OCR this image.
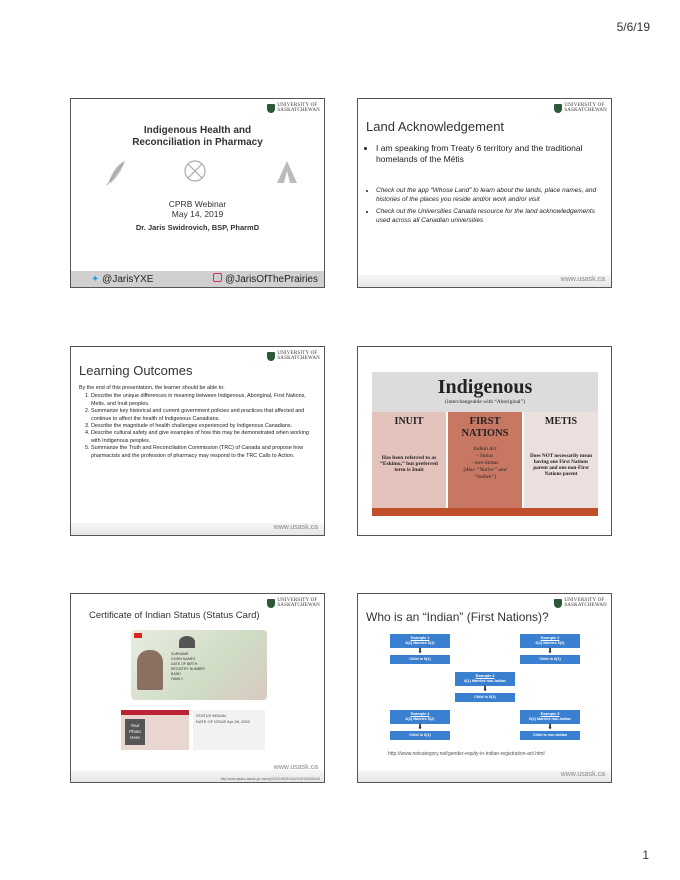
5/6/19
1
UNIVERSITY OF
SASKATCHEWAN
Indigenous Health and
Reconciliation in Pharmacy
CPRB Webinar
May 14, 2019
Dr. Jaris Swidrovich, BSP, PharmD
✦ @JarisYXE	@JarisOfThePrairies
UNIVERSITY OF
SASKATCHEWAN
Land Acknowledgement
• I am speaking from Treaty 6 territory and the traditional homelands of the Métis
• Check out the app “Whose Land” to learn about the lands, place names, and histories of the places you reside and/or work and/or visit
• Check out the Universities Canada resource for the land acknowledgements used across all Canadian universities
www.usask.ca
UNIVERSITY OF
SASKATCHEWAN
Learning Outcomes
By the end of this presentation, the learner should be able to:
1. Describe the unique differences in meaning between Indigenous, Aboriginal, First Nations, Metis, and Inuit peoples.
2. Summarize key historical and current government policies and practices that affected and continue to affect the health of Indigenous Canadians.
3. Describe the magnitude of health challenges experienced by Indigenous Canadians.
4. Describe cultural safety and give examples of how this may be demonstrated when working with Indigenous peoples.
5. Summarize the Truth and Reconciliation Commission (TRC) of Canada and propose how pharmacists and the profession of pharmacy may respond to the TRC Calls to Action.
www.usask.ca
Indigenous
(interchangeable with “Aboriginal”)
INUIT
Has been referred to as “Eskimo,” but preferred term is Inuit
FIRST NATIONS
Indian Act
- Status
- non-Status
(Also “Native” and “Indian”)
METIS
Does NOT necessarily mean having one First Nations parent and one non-First Nations parent
UNIVERSITY OF
SASKATCHEWAN
Certificate of Indian Status (Status Card)
SURNAME
GIVEN NAMES
DATE OF BIRTH
REGISTRY NUMBER
BAND
FAMILY
Your Photo Here
STATUS INDIAN
DATE OF ISSUE Apr 28, 2002
www.usask.ca
http://www.aadnc-aandc.gc.ca/eng/1100100032424/1100100032428
UNIVERSITY OF
SASKATCHEWAN
Who is an “Indian” (First Nations)?
Example 1
6(1) Marries 6(1)
⬇
Child is 6(1)
Example 2
6(1) Marries 6(2)
⬇
Child is 6(1)
Example 3
6(1) Marries non-Indian
⬇
Child is 6(2)
Example 4
6(2) Marries 6(2)
⬇
Child is 6(1)
Example 5
6(2) Marries non-Indian
⬇
Child is non-Indian
http://www.netcategory.net/gender-equity-in-indian-registration-act.html
www.usask.ca
